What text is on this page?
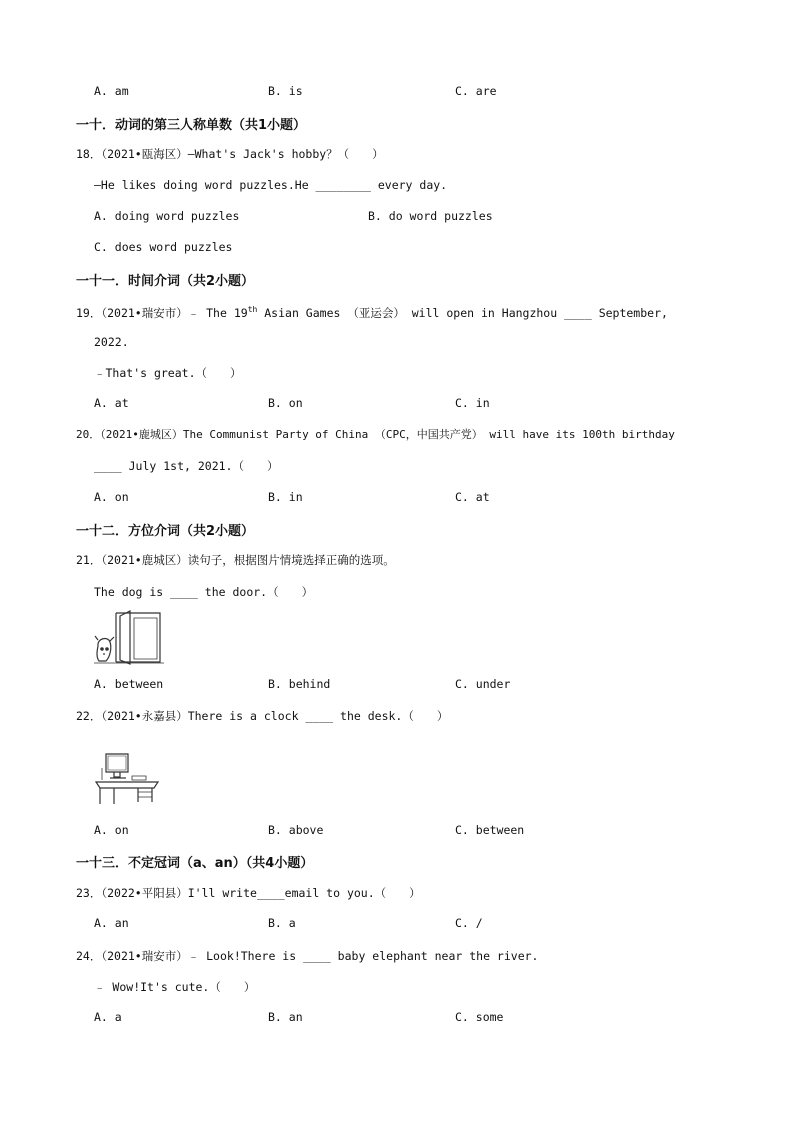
A. am	B. is	C. are
一十．动词的第三人称单数（共1小题）
18．（2021•瓯海区）—What's Jack's hobby？（　　）
—He likes doing word puzzles.He ________ every day.
A. doing word puzzles	B. do word puzzles
C. does word puzzles
一十一．时间介词（共2小题）
19．（2021•瑞安市）﹣ The 19th Asian Games （亚运会） will open in Hangzhou ____ September,
2022.
﹣That's great.（　　）
A. at	B. on	C. in
20．（2021•鹿城区）The Communist Party of China （CPC，中国共产党） will have its 100th birthday
____ July 1st, 2021.（　　）
A. on	B. in	C. at
一十二．方位介词（共2小题）
21．（2021•鹿城区）读句子，根据图片情境选择正确的选项。
The dog is ____ the door.（　　）
A. between	B. behind	C. under
22．（2021•永嘉县）There is a clock ____ the desk.（　　）
A. on	B. above	C. between
一十三．不定冠词（a、an）（共4小题）
23．（2022•平阳县）I'll write____email to you.（　　）
A. an	B. a	C. /
24．（2021•瑞安市）﹣ Look!There is ____ baby elephant near the river.
﹣ Wow!It's cute.（　　）
A. a	B. an	C. some
